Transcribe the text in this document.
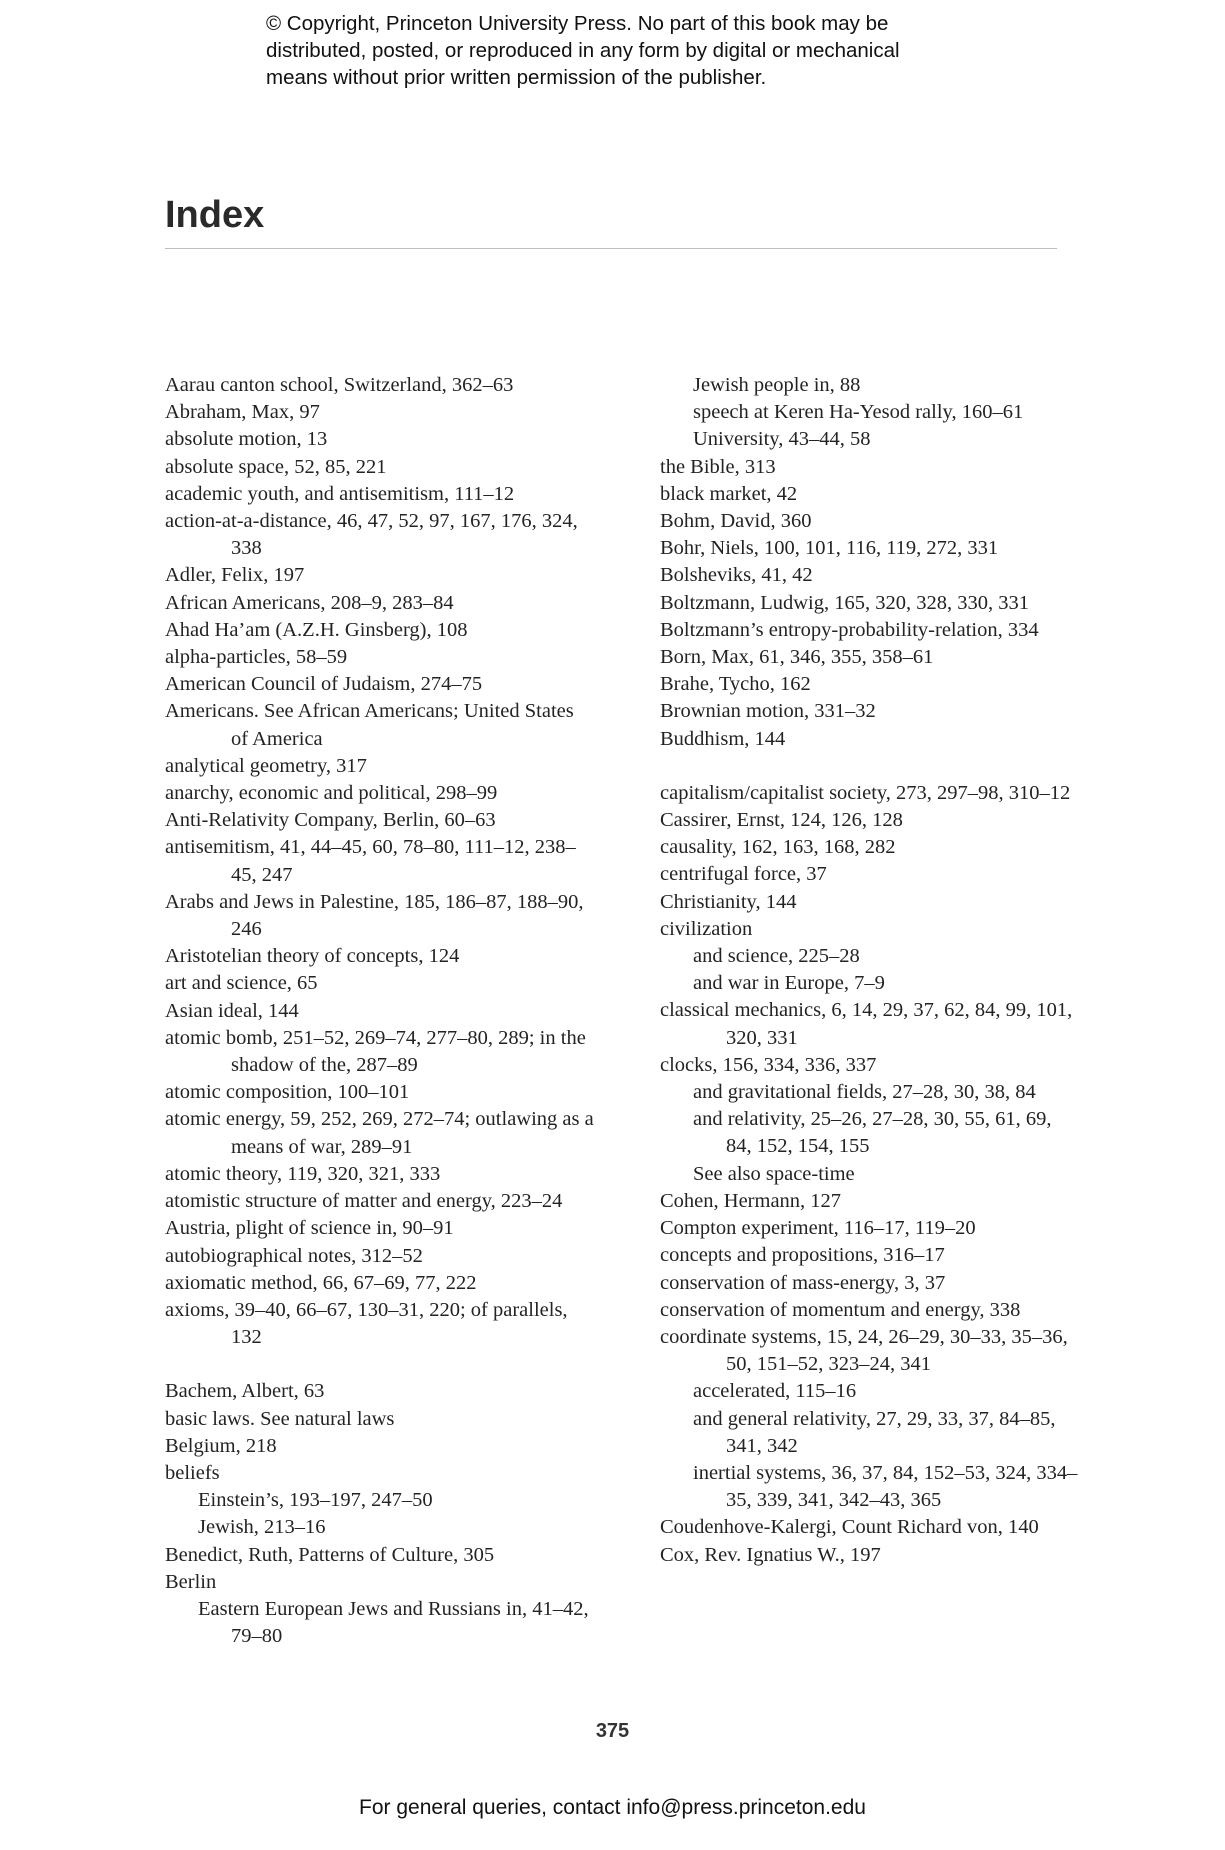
© Copyright, Princeton University Press. No part of this book may be

distributed, posted, or reproduced in any form by digital or mechanical

means without prior written permission of the publisher.

Index
Aarau canton school, Switzerland, 362–63
Abraham, Max, 97
absolute motion, 13
absolute space, 52, 85, 221
academic youth, and antisemitism, 111–12
action-at-a-distance, 46, 47, 52, 97, 167, 176, 324, 338
Adler, Felix, 197
African Americans, 208–9, 283–84
Ahad Ha’am (A.Z.H. Ginsberg), 108
alpha-particles, 58–59
American Council of Judaism, 274–75
Americans. See African Americans; United States of America
analytical geometry, 317
anarchy, economic and political, 298–99
Anti-Relativity Company, Berlin, 60–63
antisemitism, 41, 44–45, 60, 78–80, 111–12, 238–45, 247
Arabs and Jews in Palestine, 185, 186–87, 188–90, 246
Aristotelian theory of concepts, 124
art and science, 65
Asian ideal, 144
atomic bomb, 251–52, 269–74, 277–80, 289; in the shadow of the, 287–89
atomic composition, 100–101
atomic energy, 59, 252, 269, 272–74; outlawing as a means of war, 289–91
atomic theory, 119, 320, 321, 333
atomistic structure of matter and energy, 223–24
Austria, plight of science in, 90–91
autobiographical notes, 312–52
axiomatic method, 66, 67–69, 77, 222
axioms, 39–40, 66–67, 130–31, 220; of parallels, 132
Bachem, Albert, 63
basic laws. See natural laws
Belgium, 218
beliefs
Einstein’s, 193–197, 247–50
Jewish, 213–16
Benedict, Ruth, Patterns of Culture, 305
Berlin
Eastern European Jews and Russians in, 41–42, 79–80
Jewish people in, 88
speech at Keren Ha-Yesod rally, 160–61
University, 43–44, 58
the Bible, 313
black market, 42
Bohm, David, 360
Bohr, Niels, 100, 101, 116, 119, 272, 331
Bolsheviks, 41, 42
Boltzmann, Ludwig, 165, 320, 328, 330, 331
Boltzmann’s entropy-probability-relation, 334
Born, Max, 61, 346, 355, 358–61
Brahe, Tycho, 162
Brownian motion, 331–32
Buddhism, 144
capitalism/capitalist society, 273, 297–98, 310–12
Cassirer, Ernst, 124, 126, 128
causality, 162, 163, 168, 282
centrifugal force, 37
Christianity, 144
civilization
and science, 225–28
and war in Europe, 7–9
classical mechanics, 6, 14, 29, 37, 62, 84, 99, 101, 320, 331
clocks, 156, 334, 336, 337
and gravitational fields, 27–28, 30, 38, 84
and relativity, 25–26, 27–28, 30, 55, 61, 69, 84, 152, 154, 155
See also space-time
Cohen, Hermann, 127
Compton experiment, 116–17, 119–20
concepts and propositions, 316–17
conservation of mass-energy, 3, 37
conservation of momentum and energy, 338
coordinate systems, 15, 24, 26–29, 30–33, 35–36, 50, 151–52, 323–24, 341
accelerated, 115–16
and general relativity, 27, 29, 33, 37, 84–85, 341, 342
inertial systems, 36, 37, 84, 152–53, 324, 334–35, 339, 341, 342–43, 365
Coudenhove-Kalergi, Count Richard von, 140
Cox, Rev. Ignatius W., 197
375
For general queries, contact info@press.princeton.edu
